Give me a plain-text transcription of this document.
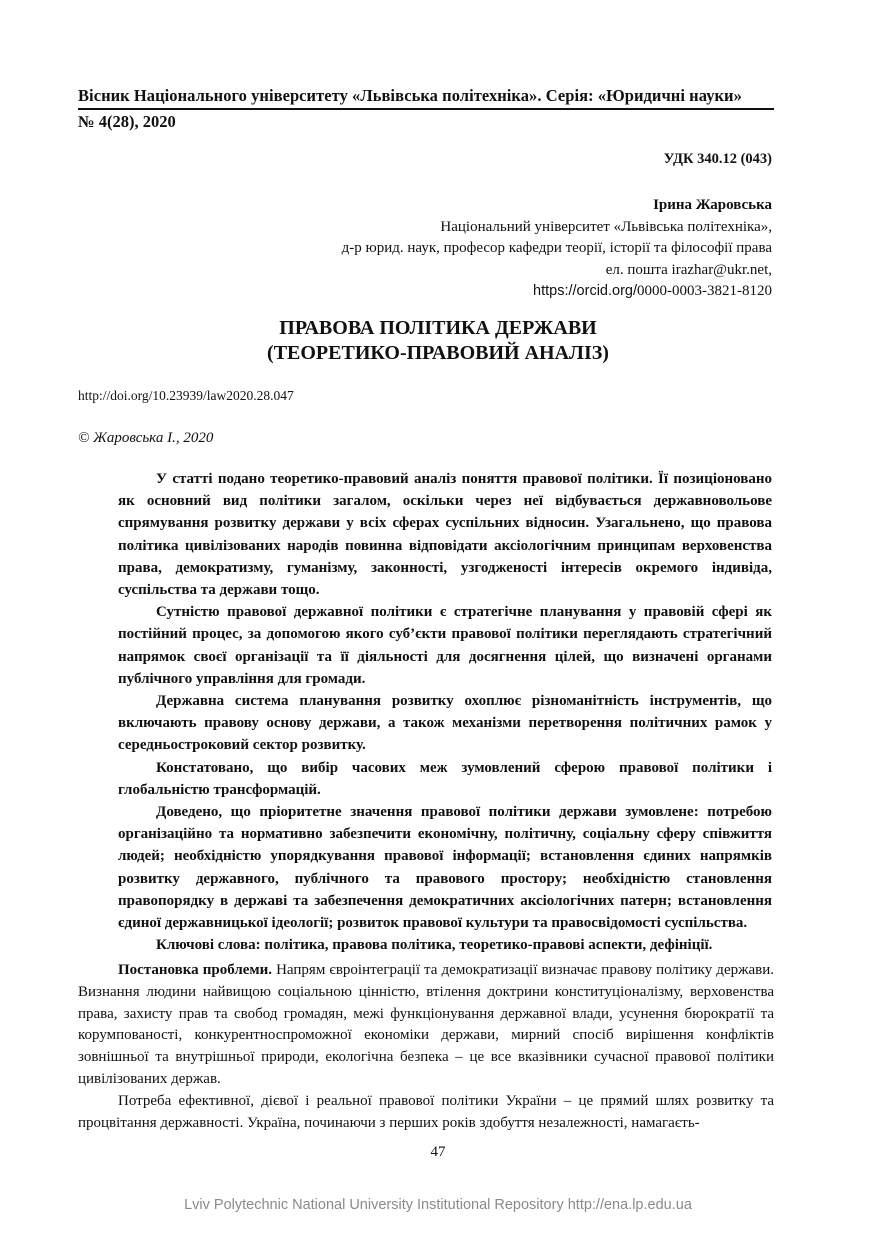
Вісник Національного університету «Львівська політехніка». Серія: «Юридичні науки»
№ 4(28), 2020
УДК 340.12 (043)
Ірина Жаровська
Національний університет «Львівська політехніка»,
д-р юрид. наук, професор кафедри теорії, історії та філософії права
ел. пошта irazhar@ukr.net,
https://orcid.org/0000-0003-3821-8120
ПРАВОВА ПОЛІТИКА ДЕРЖАВИ
(ТЕОРЕТИКО-ПРАВОВИЙ АНАЛІЗ)
http://doi.org/10.23939/law2020.28.047
© Жаровська І., 2020

У статті подано теоретико-правовий аналіз поняття правової політики. Її позиціоновано як основний вид політики загалом, оскільки через неї відбувається державновольове спрямування розвитку держави у всіх сферах суспільних відносин. Узагальнено, що правова політика цивілізованих народів повинна відповідати аксіологічним принципам верховенства права, демократизму, гуманізму, законності, узгодженості інтересів окремого індивіда, суспільства та держави тощо.

Сутністю правової державної політики є стратегічне планування у правовій сфері як постійний процес, за допомогою якого суб’єкти правової політики переглядають стратегічний напрямок своєї організації та її діяльності для досягнення цілей, що визначені органами публічного управління для громади.

Державна система планування розвитку охоплює різноманітність інструментів, що включають правову основу держави, а також механізми перетворення політичних рамок у середньостроковий сектор розвитку.

Констатовано, що вибір часових меж зумовлений сферою правової політики і глобальністю трансформацій.

Доведено, що пріоритетне значення правової політики держави зумовлене: потребою організаційно та нормативно забезпечити економічну, політичну, соціальну сферу співжиття людей; необхідністю упорядкування правової інформації; встановлення єдиних напрямків розвитку державного, публічного та правового простору; необхідністю становлення правопорядку в державі та забезпечення демократичних аксіологічних патерн; встановлення єдиної державницької ідеології; розвиток правової культури та правосвідомості суспільства.

Ключові слова: політика, правова політика, теоретико-правові аспекти, дефініції.

Постановка проблеми. Напрям євроінтеграції та демократизації визначає правову політику держави. Визнання людини найвищою соціальною цінністю, втілення доктрини конституціоналізму, верховенства права, захисту прав та свобод громадян, межі функціонування державної влади, усунення бюрократії та корумпованості, конкурентноспроможної економіки держави, мирний спосіб вирішення конфліктів зовнішньої та внутрішньої природи, екологічна безпека – це все вказівники сучасної правової політики цивілізованих держав.

Потреба ефективної, дієвої і реальної правової політики України – це прямий шлях розвитку та процвітання державності. Україна, починаючи з перших років здобуття незалежності, намагаєть-

47
Lviv Polytechnic National University Institutional Repository http://ena.lp.edu.ua
